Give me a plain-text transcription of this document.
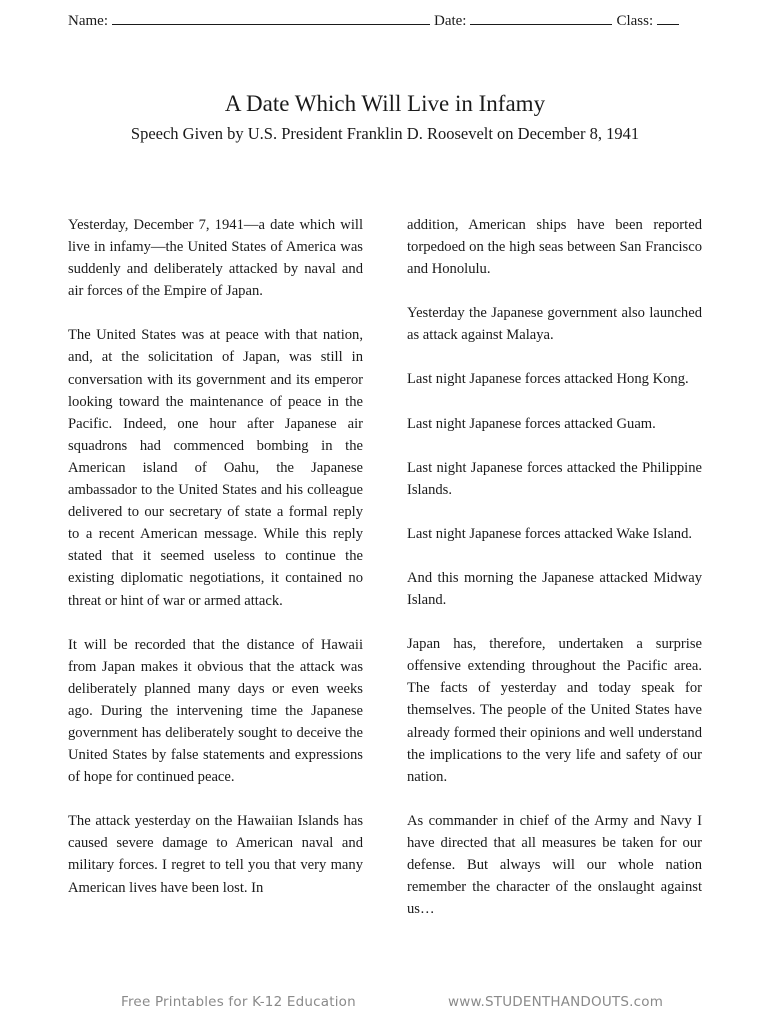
Name:	Date:	Class:
A Date Which Will Live in Infamy
Speech Given by U.S. President Franklin D. Roosevelt on December 8, 1941

Yesterday, December 7, 1941—a date which will live in infamy—the United States of America was suddenly and deliberately attacked by naval and air forces of the Empire of Japan.

The United States was at peace with that nation, and, at the solicitation of Japan, was still in conversation with its government and its emperor looking toward the maintenance of peace in the Pacific. Indeed, one hour after Japanese air squadrons had commenced bombing in the American island of Oahu, the Japanese ambassador to the United States and his colleague delivered to our secretary of state a formal reply to a recent American message. While this reply stated that it seemed useless to continue the existing diplomatic negotiations, it contained no threat or hint of war or armed attack.

It will be recorded that the distance of Hawaii from Japan makes it obvious that the attack was deliberately planned many days or even weeks ago. During the intervening time the Japanese government has deliberately sought to deceive the United States by false statements and expressions of hope for continued peace.

The attack yesterday on the Hawaiian Islands has caused severe damage to American naval and military forces. I regret to tell you that very many American lives have been lost. In

addition, American ships have been reported torpedoed on the high seas between San Francisco and Honolulu.

Yesterday the Japanese government also launched as attack against Malaya.

Last night Japanese forces attacked Hong Kong.

Last night Japanese forces attacked Guam.

Last night Japanese forces attacked the Philippine Islands.

Last night Japanese forces attacked Wake Island.

And this morning the Japanese attacked Midway Island.

Japan has, therefore, undertaken a surprise offensive extending throughout the Pacific area. The facts of yesterday and today speak for themselves. The people of the United States have already formed their opinions and well understand the implications to the very life and safety of our nation.

As commander in chief of the Army and Navy I have directed that all measures be taken for our defense. But always will our whole nation remember the character of the onslaught against us…

Free Printables for K-12 Education	www.STUDENTHANDOUTS.com
